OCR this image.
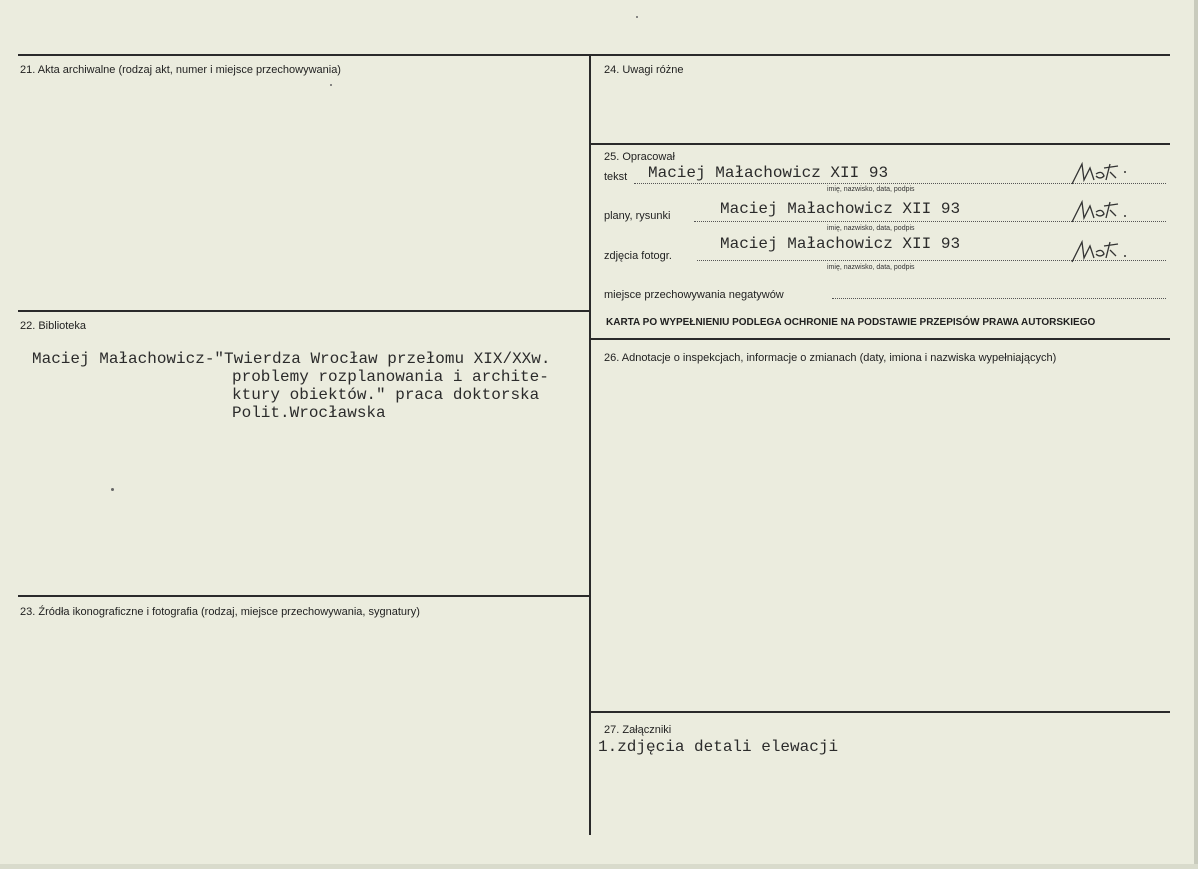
21. Akta archiwalne (rodzaj akt, numer i miejsce przechowywania)
22. Biblioteka
Maciej Małachowicz-"Twierdza Wrocław przełomu XIX/XXw.
problemy rozplanowania i archite-
ktury obiektów." praca doktorska
Polit.Wrocławska
23. Źródła ikonograficzne i fotografia (rodzaj, miejsce przechowywania, sygnatury)
24. Uwagi różne
25. Opracował
tekst Maciej Małachowicz XII 93
imię, nazwisko, data, podpis
plany, rysunki	Maciej Małachowicz XII 93
imię, nazwisko, data, podpis
zdjęcia fotogr.
Maciej Małachowicz XII 93
imię, nazwisko, data, podpis
miejsce przechowywania negatywów
KARTA PO WYPEŁNIENIU PODLEGA OCHRONIE NA PODSTAWIE PRZEPISÓW PRAWA AUTORSKIEGO
26. Adnotacje o inspekcjach, informacje o zmianach (daty, imiona i nazwiska wypełniających)
27. Załączniki
1.zdjęcia detali elewacji
